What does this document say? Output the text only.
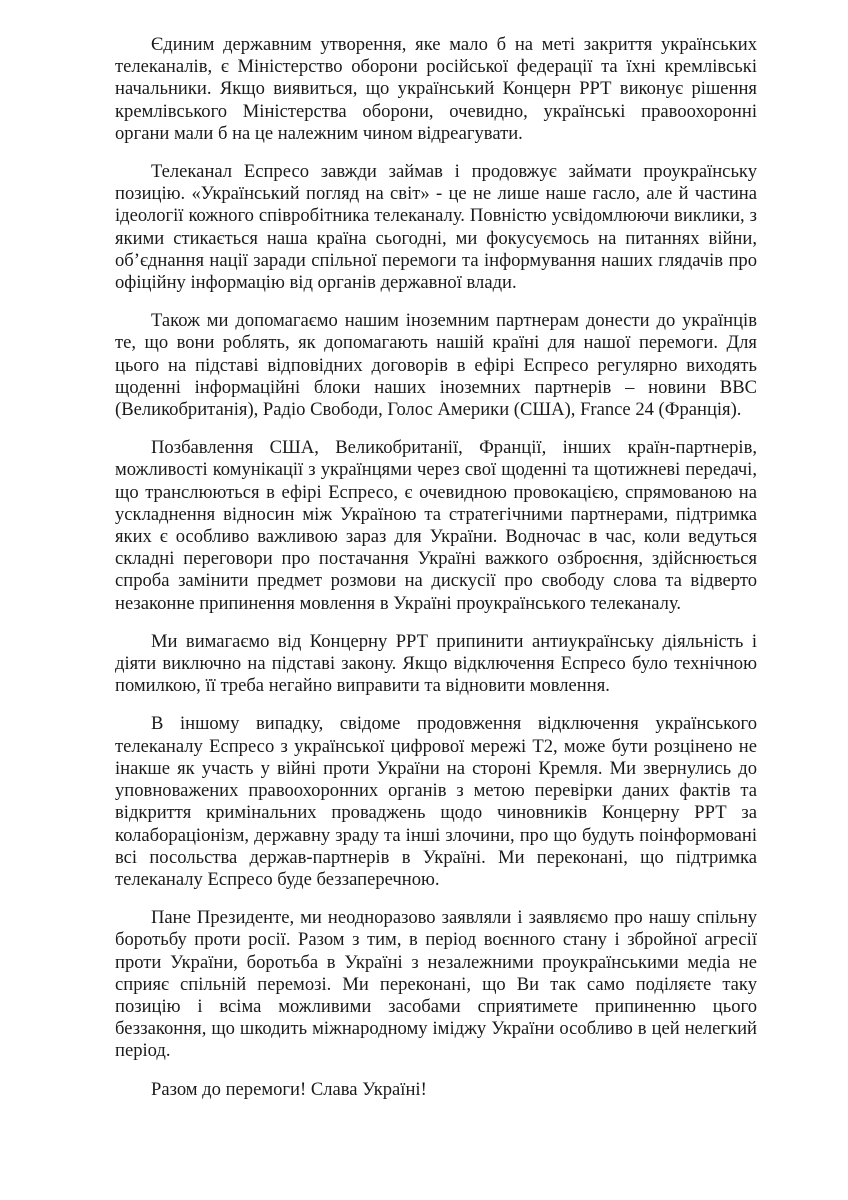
Єдиним державним утворення, яке мало б на меті закриття українських телеканалів, є Міністерство оборони російської федерації та їхні кремлівські начальники. Якщо виявиться, що український Концерн РРТ виконує рішення кремлівського Міністерства оборони, очевидно, українські правоохоронні органи мали б на це належним чином відреагувати.

Телеканал Еспресо завжди займав і продовжує займати проукраїнську позицію. «Український погляд на світ» - це не лише наше гасло, але й частина ідеології кожного співробітника телеканалу. Повністю усвідомлюючи виклики, з якими стикається наша країна сьогодні, ми фокусуємось на питаннях війни, об’єднання нації заради спільної перемоги та інформування наших глядачів про офіційну інформацію від органів державної влади.

Також ми допомагаємо нашим іноземним партнерам донести до українців те, що вони роблять, як допомагають нашій країні для нашої перемоги. Для цього на підставі відповідних договорів в ефірі Еспресо регулярно виходять щоденні інформаційні блоки наших іноземних партнерів – новини BBC (Великобританія), Радіо Свободи, Голос Америки (США), France 24 (Франція).

Позбавлення США, Великобританії, Франції, інших країн-партнерів, можливості комунікації з українцями через свої щоденні та щотижневі передачі, що транслюються в ефірі Еспресо, є очевидною провокацією, спрямованою на ускладнення відносин між Україною та стратегічними партнерами, підтримка яких є особливо важливою зараз для України. Водночас в час, коли ведуться складні переговори про постачання Україні важкого озброєння, здійснюється спроба замінити предмет розмови на дискусії про свободу слова та відверто незаконне припинення мовлення в Україні проукраїнського телеканалу.

Ми вимагаємо від Концерну РРТ припинити антиукраїнську діяльність і діяти виключно на підставі закону. Якщо відключення Еспресо було технічною помилкою, її треба негайно виправити та відновити мовлення.

В іншому випадку, свідоме продовження відключення українського телеканалу Еспресо з української цифрової мережі Т2, може бути розцінено не інакше як участь у війні проти України на стороні Кремля. Ми звернулись до уповноважених правоохоронних органів з метою перевірки даних фактів та відкриття кримінальних проваджень щодо чиновників Концерну РРТ за колабораціонізм, державну зраду та інші злочини, про що будуть поінформовані всі посольства держав-партнерів в Україні. Ми переконані, що підтримка телеканалу Еспресо буде беззаперечною.

Пане Президенте, ми неодноразово заявляли і заявляємо про нашу спільну боротьбу проти росії. Разом з тим, в період воєнного стану і збройної агресії проти України, боротьба в Україні з незалежними проукраїнськими медіа не сприяє спільній перемозі. Ми переконані, що Ви так само поділяєте таку позицію і всіма можливими засобами сприятимете припиненню цього беззаконня, що шкодить міжнародному іміджу України особливо в цей нелегкий період.

Разом до перемоги! Слава Україні!
